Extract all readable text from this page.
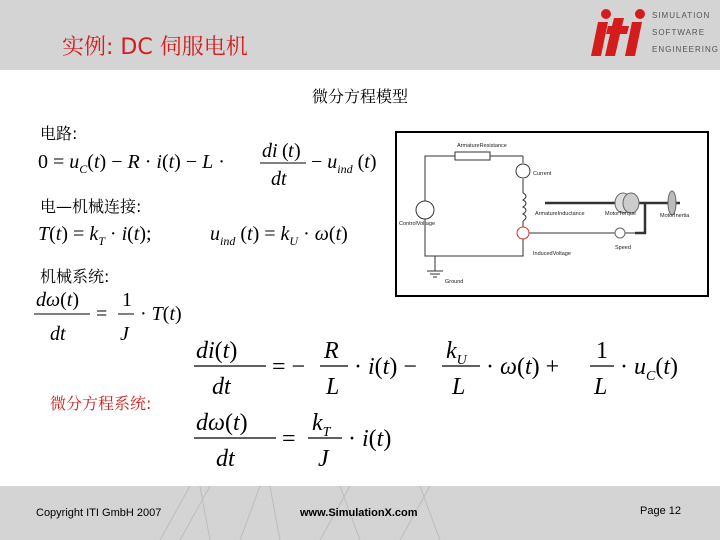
实例: DC 伺服电机
SIMULATION
SOFTWARE
ENGINEERING
微分方程模型
电路:
$0 = u_C(t) - R \cdot i(t) - L$ · di ( t )
dt
− $u_{ind}$ (t)
电—机械连接:
$T(t) = k_T \cdot i(t)$;	$u_{ind}$ $(t) = k_U \cdot \omega(t)$
机械系统:
dω(t)
dt
=
1
J
· T(t)
微分方程系统:
di(t)
dt
= −
R
L
· i(t) −
$k_U$
L
· ω(t) +
1
L
· $u_C(t)$
dω(t)
dt
=
$k_T$
J
· i(t)
ArmatureResistance
Current
ArmatureInductance	MotorTorque	MotorInertia
ControlVoltage
InducedVoltage
Speed
Ground
Copyright ITI GmbH 2007	www.SimulationX.com	Page 12
